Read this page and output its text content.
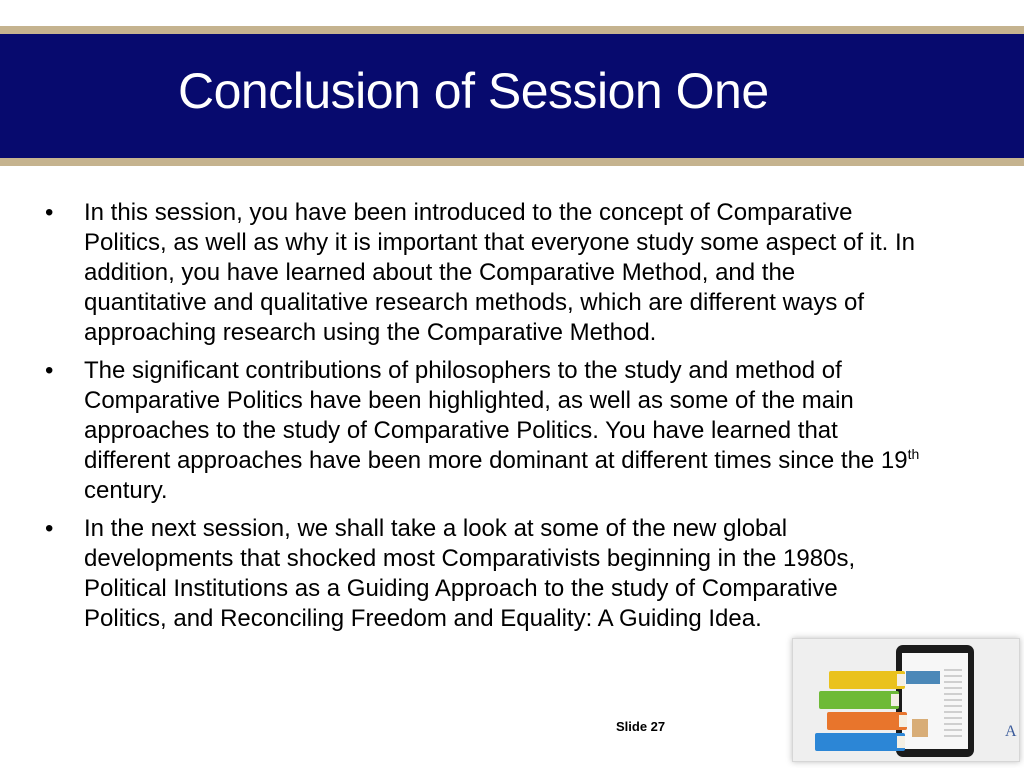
Conclusion of Session One
• In this session, you have been introduced to the concept of Comparative Politics, as well as why it is important that everyone study some aspect of it. In addition, you have learned about the Comparative Method, and the quantitative and qualitative research methods, which are different ways of approaching research using the Comparative Method.
• The significant contributions of philosophers to the study and method of Comparative Politics have been highlighted, as well as some of the main approaches to the study of Comparative Politics. You have learned that different approaches have been more dominant at different times since the 19th century.
• In the next session, we shall take a look at some of the new global developments that shocked most Comparativists beginning in the 1980s, Political Institutions as a Guiding Approach to the study of Comparative Politics, and Reconciling Freedom and Equality: A Guiding Idea.
A
Slide 27
